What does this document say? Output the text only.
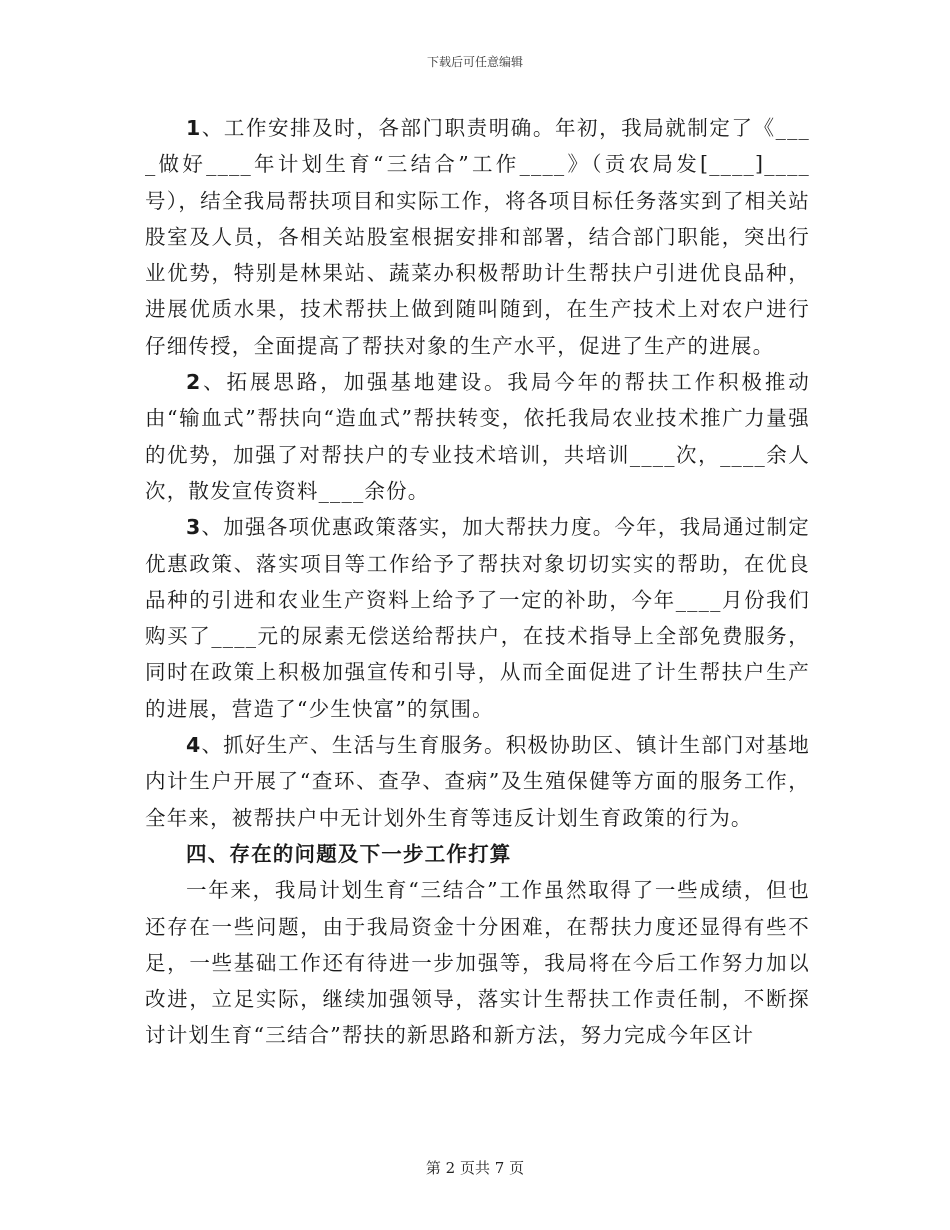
下载后可任意编辑

1、工作安排及时，各部门职责明确。年初，我局就制定了《____做好____年计划生育“三结合”工作____》（贡农局发[____]____号），结全我局帮扶项目和实际工作，将各项目标任务落实到了相关站股室及人员，各相关站股室根据安排和部署，结合部门职能，突出行业优势，特别是林果站、蔬菜办积极帮助计生帮扶户引进优良品种，进展优质水果，技术帮扶上做到随叫随到，在生产技术上对农户进行仔细传授，全面提高了帮扶对象的生产水平，促进了生产的进展。

2、拓展思路，加强基地建设。我局今年的帮扶工作积极推动由“输血式”帮扶向“造血式”帮扶转变，依托我局农业技术推广力量强的优势，加强了对帮扶户的专业技术培训，共培训____次，____余人次，散发宣传资料____余份。

3、加强各项优惠政策落实，加大帮扶力度。今年，我局通过制定优惠政策、落实项目等工作给予了帮扶对象切切实实的帮助，在优良品种的引进和农业生产资料上给予了一定的补助，今年____月份我们购买了____元的尿素无偿送给帮扶户，在技术指导上全部免费服务，同时在政策上积极加强宣传和引导，从而全面促进了计生帮扶户生产的进展，营造了“少生快富”的氛围。

4、抓好生产、生活与生育服务。积极协助区、镇计生部门对基地内计生户开展了“查环、查孕、查病”及生殖保健等方面的服务工作，全年来，被帮扶户中无计划外生育等违反计划生育政策的行为。

四、存在的问题及下一步工作打算

一年来，我局计划生育“三结合”工作虽然取得了一些成绩，但也还存在一些问题，由于我局资金十分困难，在帮扶力度还显得有些不足，一些基础工作还有待进一步加强等，我局将在今后工作努力加以改进，立足实际，继续加强领导，落实计生帮扶工作责任制，不断探讨计划生育“三结合”帮扶的新思路和新方法，努力完成今年区计

第 2 页共 7 页
